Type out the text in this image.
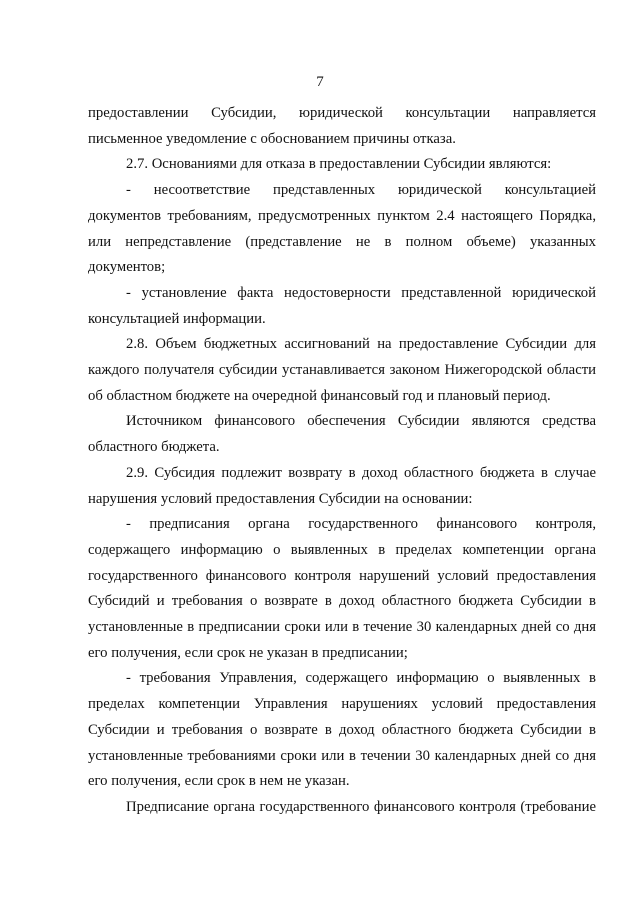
7

предоставлении Субсидии, юридической консультации направляется

письменное уведомление с обоснованием причины отказа.

2.7. Основаниями для отказа в предоставлении Субсидии являются:

- несоответствие представленных юридической консультацией

документов требованиям, предусмотренных пунктом 2.4 настоящего Порядка,

или непредставление (представление не в полном объеме) указанных

документов;

- установление факта недостоверности представленной юридической

консультацией информации.

2.8. Объем бюджетных ассигнований на предоставление Субсидии для

каждого получателя субсидии устанавливается законом Нижегородской области

об областном бюджете на очередной финансовый год и плановый период.

Источником финансового обеспечения Субсидии являются средства

областного бюджета.

2.9. Субсидия подлежит возврату в доход областного бюджета в случае

нарушения условий предоставления Субсидии на основании:

- предписания органа государственного финансового контроля,

содержащего информацию о выявленных в пределах компетенции органа

государственного финансового контроля нарушений условий предоставления

Субсидий и требования о возврате в доход областного бюджета Субсидии в

установленные в предписании сроки или в течение 30 календарных дней со дня

его получения, если срок не указан в предписании;

- требования Управления, содержащего информацию о выявленных в

пределах компетенции Управления нарушениях условий предоставления

Субсидии и требования о возврате в доход областного бюджета Субсидии в

установленные требованиями сроки или в течении 30 календарных дней со дня

его получения, если срок в нем не указан.

Предписание органа государственного финансового контроля (требование
